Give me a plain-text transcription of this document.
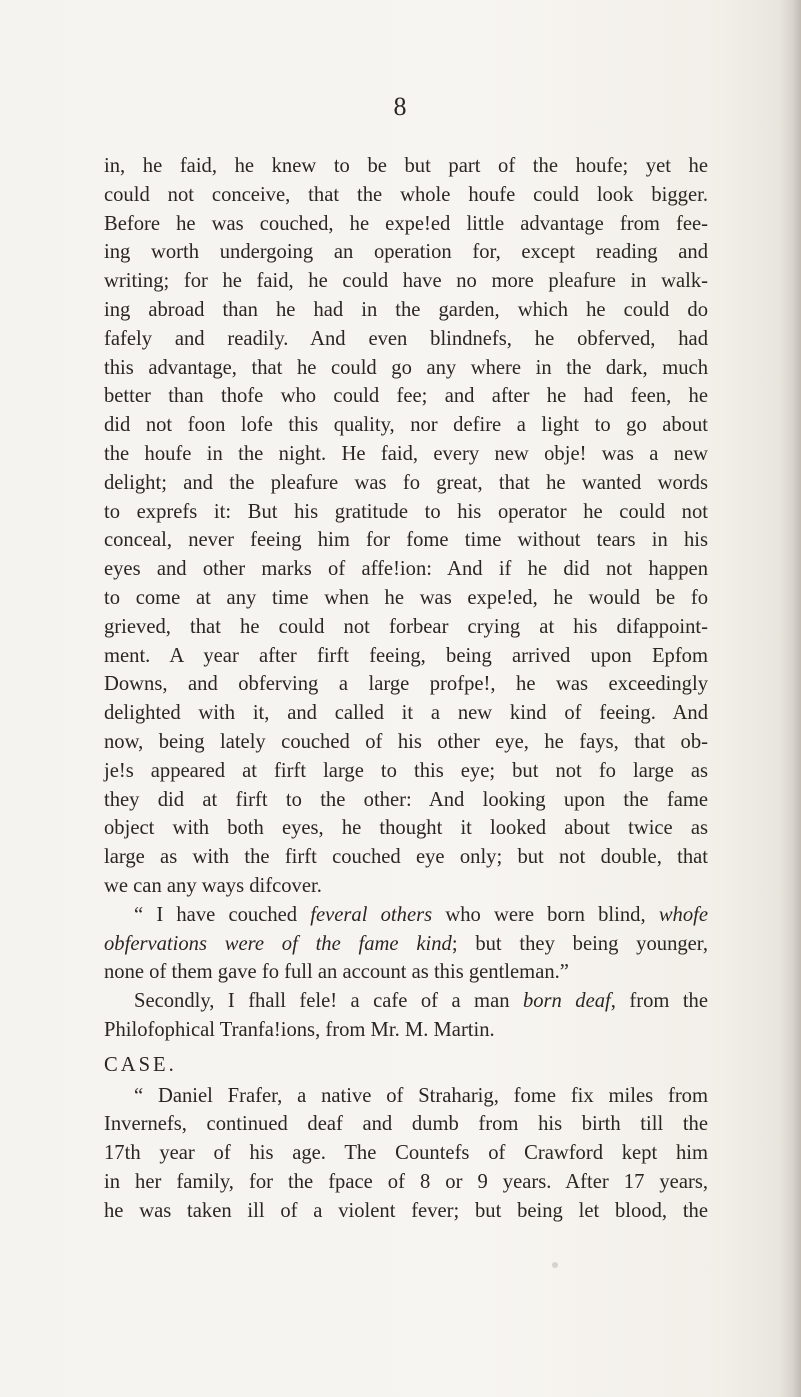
8

in, he faid, he knew to be but part of the houfe; yet he

could not conceive, that the whole houfe could look bigger.

Before he was couched, he expeǃed little advantage from fee-

ing worth undergoing an operation for, except reading and

writing; for he faid, he could have no more pleafure in walk-

ing abroad than he had in the garden, which he could do

fafely and readily. And even blindnefs, he obferved, had

this advantage, that he could go any where in the dark, much

better than thofe who could fee; and after he had feen, he

did not foon lofe this quality, nor defire a light to go about

the houfe in the night. He faid, every new objeǃ was a new

delight; and the pleafure was fo great, that he wanted words

to exprefs it: But his gratitude to his operator he could not

conceal, never feeing him for fome time without tears in his

eyes and other marks of affeǃion: And if he did not happen

to come at any time when he was expeǃed, he would be fo

grieved, that he could not forbear crying at his difappoint-

ment. A year after firft feeing, being arrived upon Epfom

Downs, and obferving a large profpeǃ, he was exceedingly

delighted with it, and called it a new kind of feeing. And

now, being lately couched of his other eye, he fays, that ob-

jeǃs appeared at firft large to this eye; but not fo large as

they did at firft to the other: And looking upon the fame

object with both eyes, he thought it looked about twice as

large as with the firft couched eye only; but not double, that

we can any ways difcover.

“ I have couched feveral others who were born blind, whofe

obfervations were of the fame kind; but they being younger,

none of them gave fo full an account as this gentleman.”

Secondly, I fhall feleǃ a cafe of a man born deaf, from the

Philofophical Tranfaǃions, from Mr. M. Martin.

CASE.

“ Daniel Frafer, a native of Straharig, fome fix miles from

Invernefs, continued deaf and dumb from his birth till the

17th year of his age. The Countefs of Crawford kept him

in her family, for the fpace of 8 or 9 years. After 17 years,

he was taken ill of a violent fever; but being let blood, the
